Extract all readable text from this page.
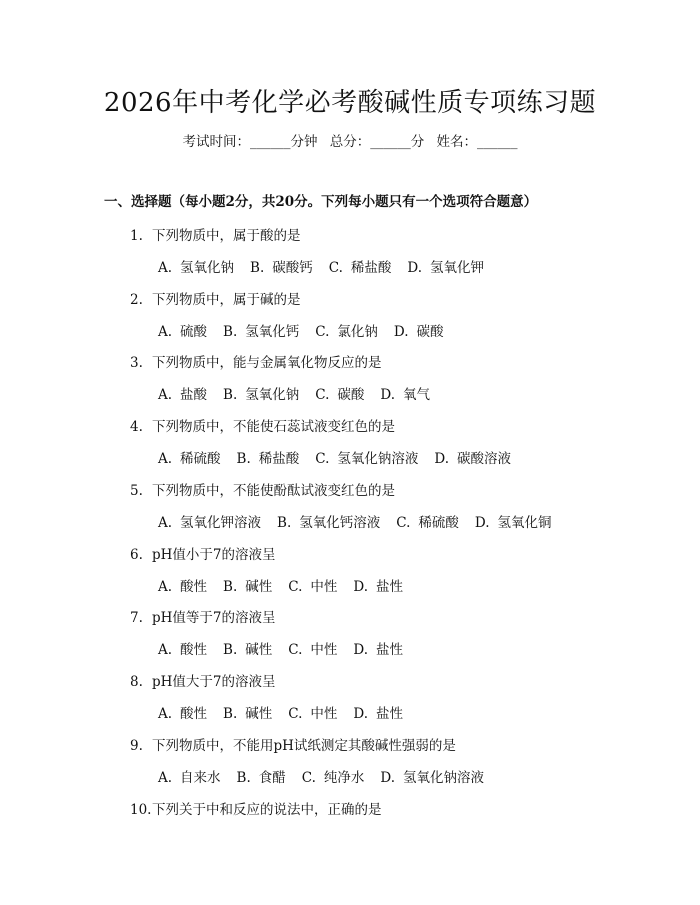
2026年中考化学必考酸碱性质专项练习题
考试时间：______分钟 总分：______分 姓名：______
一、选择题（每小题2分，共20分。下列每小题只有一个选项符合题意）
1. 下列物质中，属于酸的是
A. 氢氧化钠 B. 碳酸钙 C. 稀盐酸 D. 氢氧化钾
2. 下列物质中，属于碱的是
A. 硫酸 B. 氢氧化钙 C. 氯化钠 D. 碳酸
3. 下列物质中，能与金属氧化物反应的是
A. 盐酸 B. 氢氧化钠 C. 碳酸 D. 氧气
4. 下列物质中，不能使石蕊试液变红色的是
A. 稀硫酸 B. 稀盐酸 C. 氢氧化钠溶液 D. 碳酸溶液
5. 下列物质中，不能使酚酞试液变红色的是
A. 氢氧化钾溶液 B. 氢氧化钙溶液 C. 稀硫酸 D. 氢氧化铜
6. pH值小于7的溶液呈
A. 酸性 B. 碱性 C. 中性 D. 盐性
7. pH值等于7的溶液呈
A. 酸性 B. 碱性 C. 中性 D. 盐性
8. pH值大于7的溶液呈
A. 酸性 B. 碱性 C. 中性 D. 盐性
9. 下列物质中，不能用pH试纸测定其酸碱性强弱的是
A. 自来水 B. 食醋 C. 纯净水 D. 氢氧化钠溶液
10.下列关于中和反应的说法中，正确的是
